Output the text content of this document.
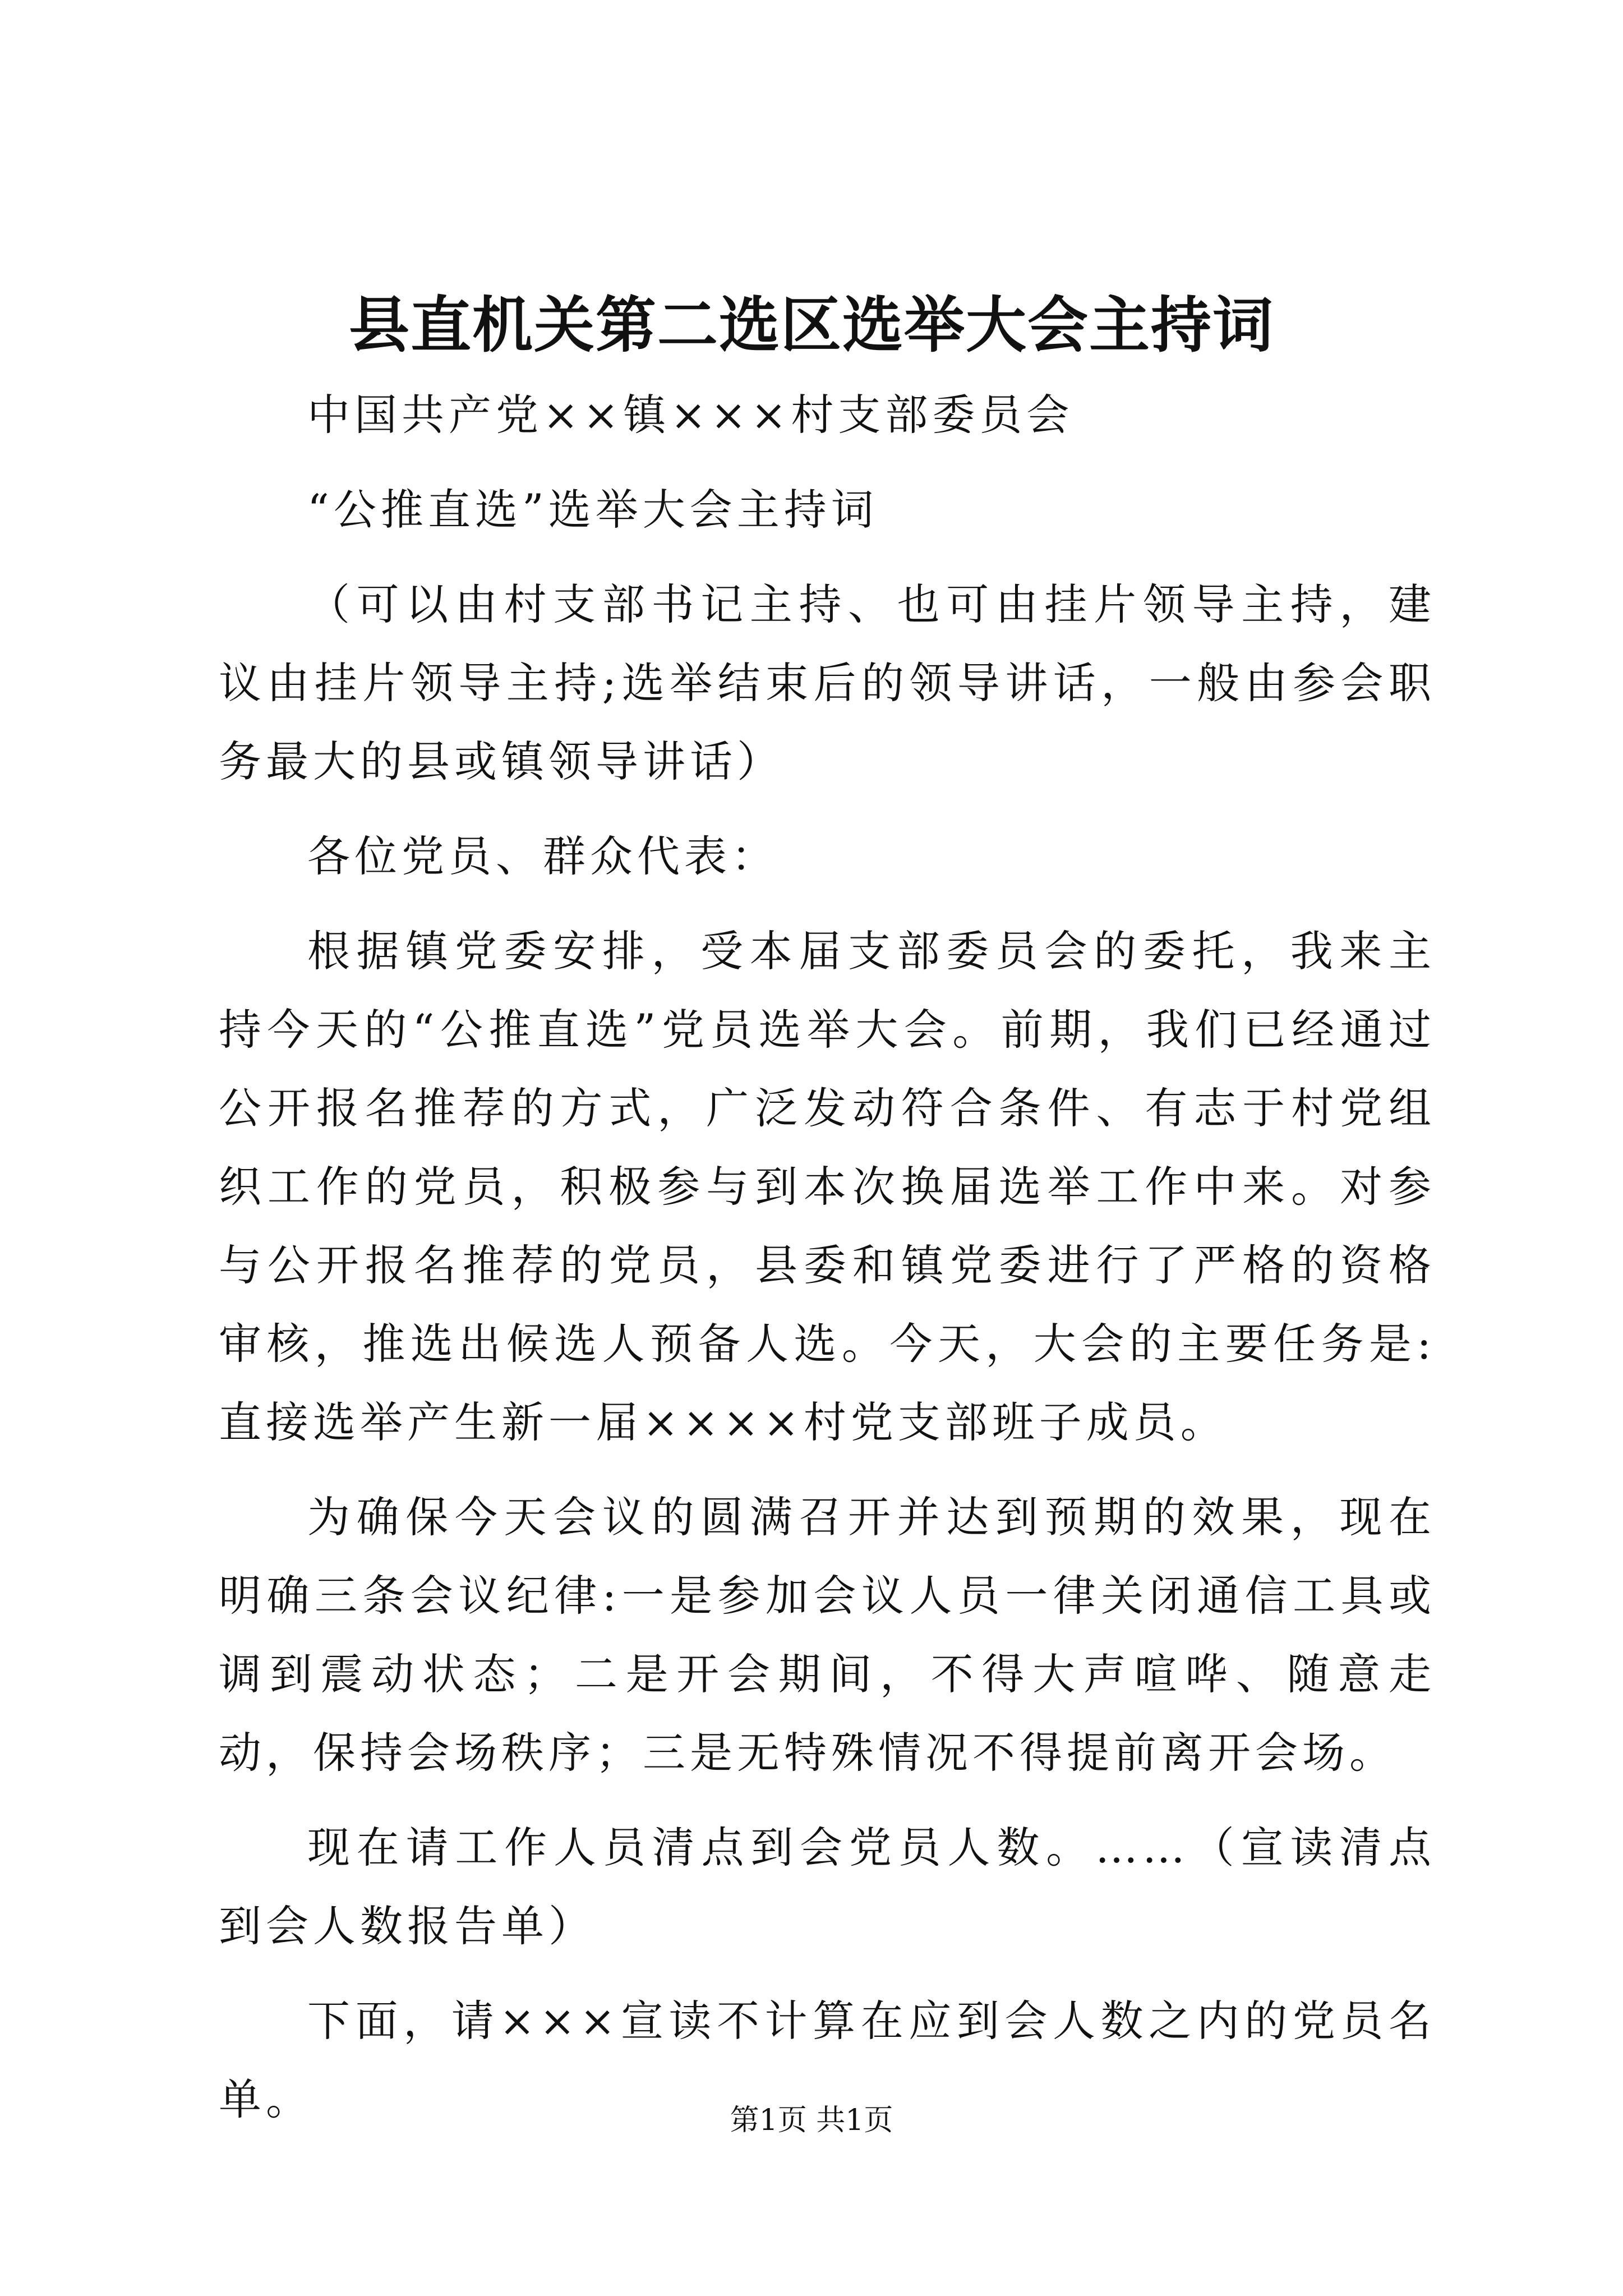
县直机关第二选区选举大会主持词

中国共产党××镇×××村支部委员会

“公推直选”选举大会主持词

（可以由村支部书记主持、也可由挂片领导主持，建议由挂片领导主持;选举结束后的领导讲话，一般由参会职务最大的县或镇领导讲话）

各位党员、群众代表：

根据镇党委安排，受本届支部委员会的委托，我来主持今天的“公推直选”党员选举大会。前期，我们已经通过公开报名推荐的方式，广泛发动符合条件、有志于村党组织工作的党员，积极参与到本次换届选举工作中来。对参与公开报名推荐的党员，县委和镇党委进行了严格的资格审核，推选出候选人预备人选。今天，大会的主要任务是:直接选举产生新一届××××村党支部班子成员。

为确保今天会议的圆满召开并达到预期的效果，现在明确三条会议纪律:一是参加会议人员一律关闭通信工具或调到震动状态；二是开会期间，不得大声喧哗、随意走动，保持会场秩序；三是无特殊情况不得提前离开会场。

现在请工作人员清点到会党员人数。……（宣读清点到会人数报告单）

下面，请×××宣读不计算在应到会人数之内的党员名单。	第1页 共1页
